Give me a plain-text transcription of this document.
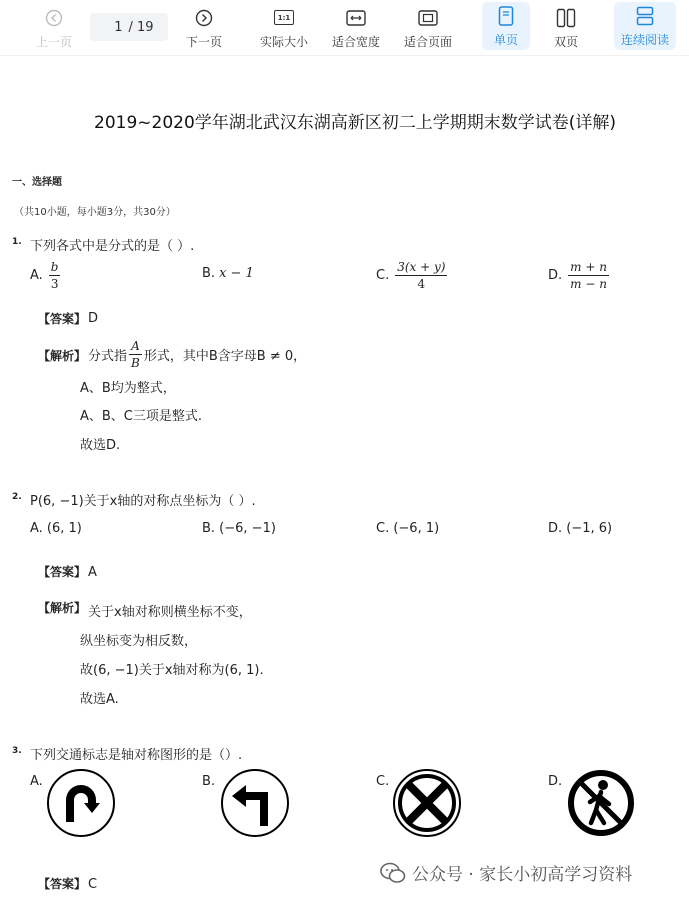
上一页
1
/ 19
下一页
1:1
实际大小 适合宽度 适合页面	单页	双页	连续阅读
2019~2020学年湖北武汉东湖高新区初二上学期期末数学试卷(详解)
一、选择题
（共10小题，每小题3分，共30分）
1. 下列各式中是分式的是（ ）.
A. $\frac{b}{3}$	B. x − 1	C. $\frac{3(x + y)}{4}$	D. $\frac{m + n}{m - n}$
【答案】 D
【解析】 分式指 $\frac{A}{B}$ 形式，其中B含字母B ≠ 0，
A、B均为整式，
A、B、C三项是整式.
故选D.
2. P(6, −1)关于x轴的对称点坐标为（ ）.
A. (6, 1)	B. (−6, −1)	C. (−6, 1)	D. (−1, 6)
【答案】 A
【解析】 关于x轴对称则横坐标不变，
纵坐标变为相反数，
故(6, −1)关于x轴对称为(6, 1).
故选A.
3. 下列交通标志是轴对称图形的是（）.
A.	B.	C.	D.
【答案】 C	公众号 · 家长小初高学习资料
